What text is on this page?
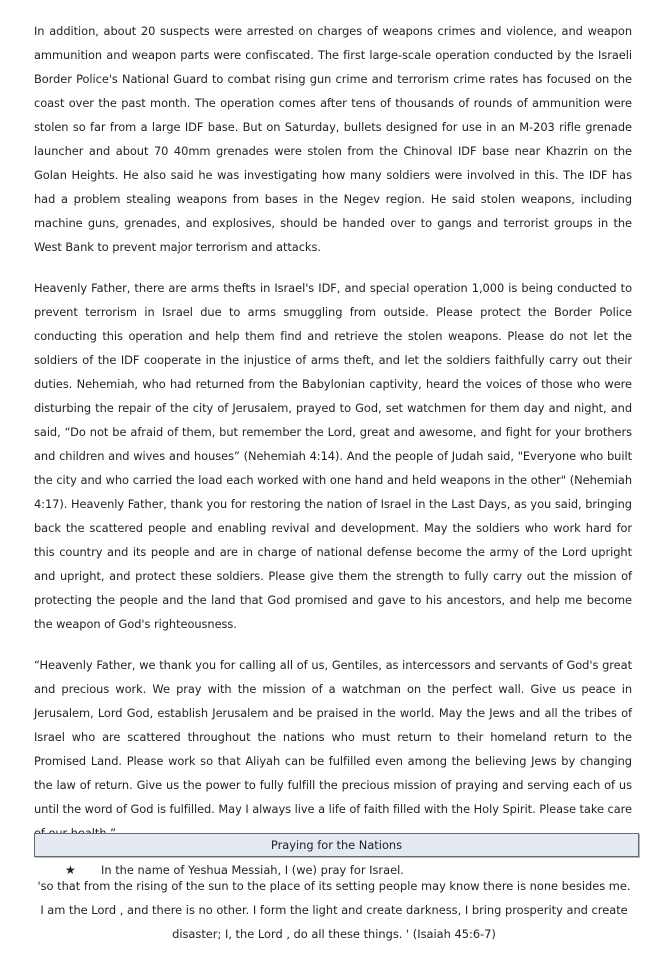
In addition, about 20 suspects were arrested on charges of weapons crimes and violence, and weapon ammunition and weapon parts were confiscated. The first large-scale operation conducted by the Israeli Border Police's National Guard to combat rising gun crime and terrorism crime rates has focused on the coast over the past month. The operation comes after tens of thousands of rounds of ammunition were stolen so far from a large IDF base. But on Saturday, bullets designed for use in an M-203 rifle grenade launcher and about 70 40mm grenades were stolen from the Chinoval IDF base near Khazrin on the Golan Heights. He also said he was investigating how many soldiers were involved in this. The IDF has had a problem stealing weapons from bases in the Negev region. He said stolen weapons, including machine guns, grenades, and explosives, should be handed over to gangs and terrorist groups in the West Bank to prevent major terrorism and attacks.

Heavenly Father, there are arms thefts in Israel's IDF, and special operation 1,000 is being conducted to prevent terrorism in Israel due to arms smuggling from outside. Please protect the Border Police conducting this operation and help them find and retrieve the stolen weapons. Please do not let the soldiers of the IDF cooperate in the injustice of arms theft, and let the soldiers faithfully carry out their duties. Nehemiah, who had returned from the Babylonian captivity, heard the voices of those who were disturbing the repair of the city of Jerusalem, prayed to God, set watchmen for them day and night, and said, “Do not be afraid of them, but remember the Lord, great and awesome, and fight for your brothers and children and wives and houses” (Nehemiah 4:14). And the people of Judah said, "Everyone who built the city and who carried the load each worked with one hand and held weapons in the other" (Nehemiah 4:17). Heavenly Father, thank you for restoring the nation of Israel in the Last Days, as you said, bringing back the scattered people and enabling revival and development. May the soldiers who work hard for this country and its people and are in charge of national defense become the army of the Lord upright and upright, and protect these soldiers. Please give them the strength to fully carry out the mission of protecting the people and the land that God promised and gave to his ancestors, and help me become the weapon of God's righteousness.

“Heavenly Father, we thank you for calling all of us, Gentiles, as intercessors and servants of God's great and precious work. We pray with the mission of a watchman on the perfect wall. Give us peace in Jerusalem, Lord God, establish Jerusalem and be praised in the world. May the Jews and all the tribes of Israel who are scattered throughout the nations who must return to their homeland return to the Promised Land. Please work so that Aliyah can be fulfilled even among the believing Jews by changing the law of return. Give us the power to fully fulfill the precious mission of praying and serving each of us until the word of God is fulfilled. May I always live a life of faith filled with the Holy Spirit. Please take care

★	In the name of Yeshua Messiah, I (we) pray for Israel.
Praying for the Nations
'so that from the rising of the sun to the place of its setting people may know there is none besides me. I am the Lord , and there is no other. I form the light and create darkness, I bring prosperity and create disaster; I, the Lord , do all these things. ' (Isaiah 45:6-7)
